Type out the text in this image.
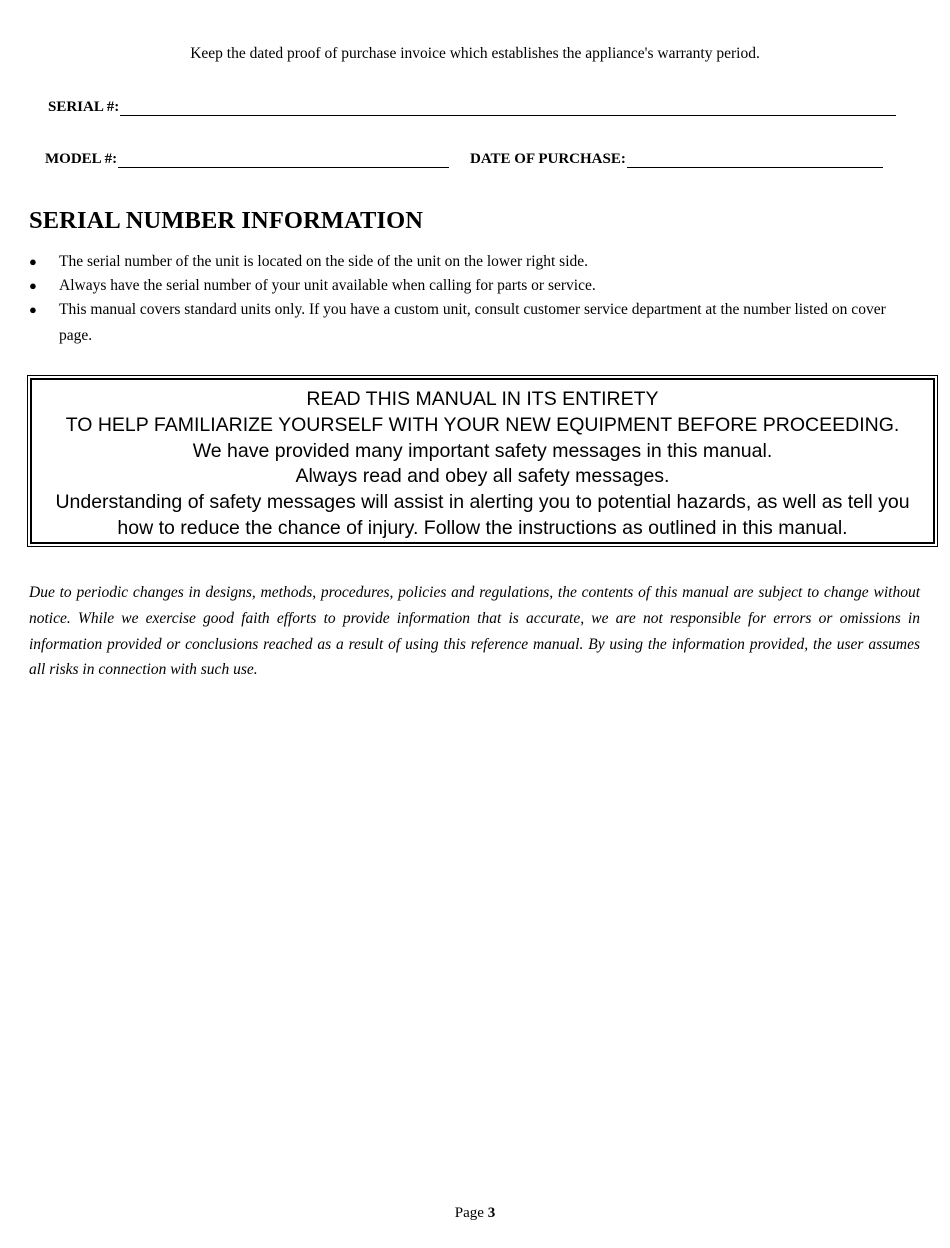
Keep the dated proof of purchase invoice which establishes the appliance's warranty period.
SERIAL #:
MODEL #:	DATE OF PURCHASE:
SERIAL NUMBER INFORMATION
● The serial number of the unit is located on the side of the unit on the lower right side.
● Always have the serial number of your unit available when calling for parts or service.
● This manual covers standard units only. If you have a custom unit, consult customer service department at the number listed on cover page.
READ THIS MANUAL IN ITS ENTIRETY
TO HELP FAMILIARIZE YOURSELF WITH YOUR NEW EQUIPMENT BEFORE PROCEEDING.
We have provided many important safety messages in this manual.
Always read and obey all safety messages.
Understanding of safety messages will assist in alerting you to potential hazards, as well as tell you
how to reduce the chance of injury. Follow the instructions as outlined in this manual.

Due to periodic changes in designs, methods, procedures, policies and regulations, the contents of this manual are subject to change without notice. While we exercise good faith efforts to provide information that is accurate, we are not responsible for errors or omissions in information provided or conclusions reached as a result of using this reference manual. By using the information provided, the user assumes all risks in connection with such use.

Page 3
